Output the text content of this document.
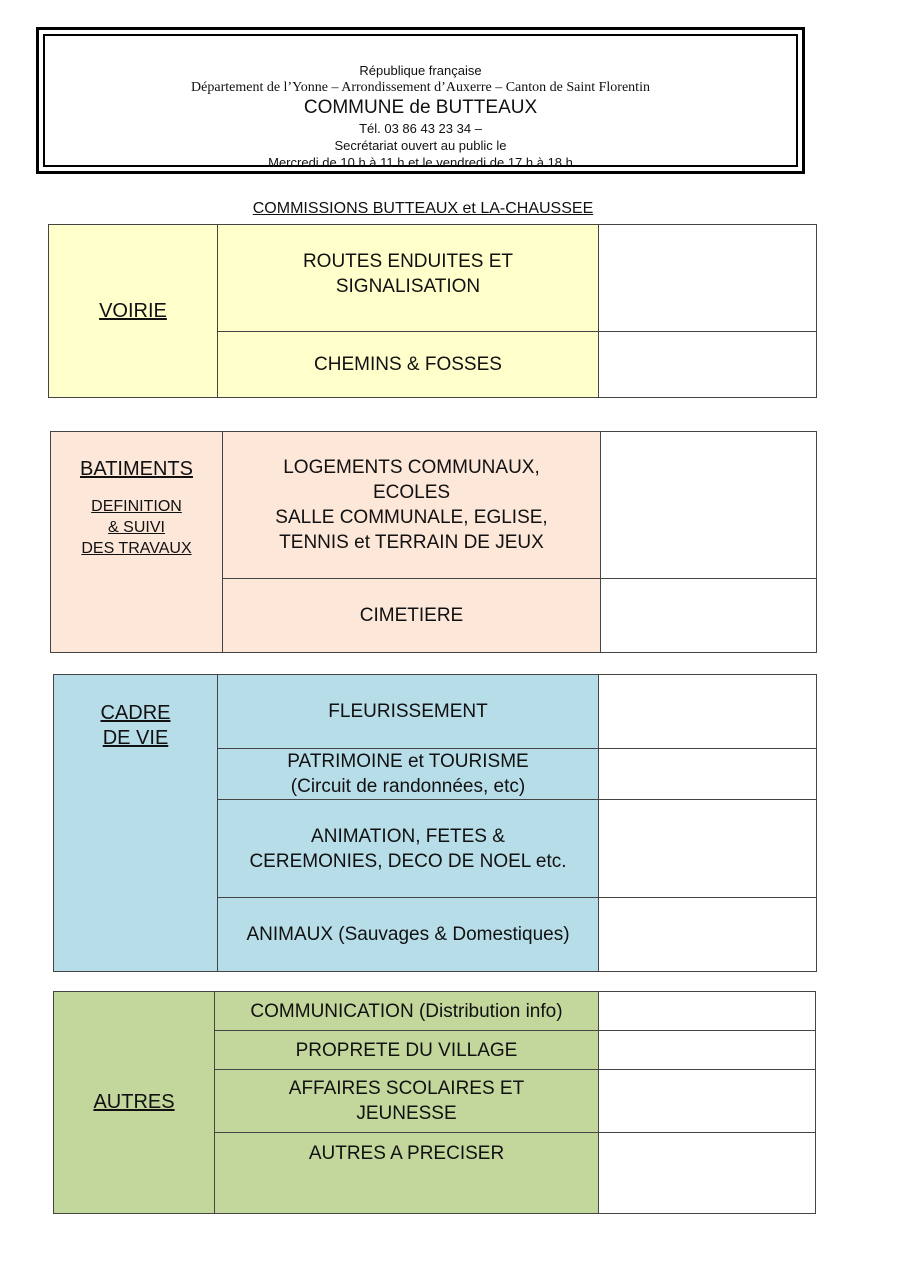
République française
Département de l’Yonne – Arrondissement d’Auxerre – Canton de Saint Florentin
COMMUNE de BUTTEAUX
Tél. 03 86 43 23 34 –
Secrétariat ouvert au public le
Mercredi de 10 h à 11 h et le vendredi de 17 h à 18 h
COMMISSIONS BUTTEAUX et LA-CHAUSSEE
VOIRIE	ROUTES ENDUITES ET
SIGNALISATION	
	CHEMINS & FOSSES	
BATIMENTS
DEFINITION
& SUIVI
DES TRAVAUX	LOGEMENTS COMMUNAUX,
ECOLES
SALLE COMMUNALE, EGLISE,
TENNIS et TERRAIN DE JEUX	
	CIMETIERE	
CADRE
DE VIE	FLEURISSEMENT	
	PATRIMOINE et TOURISME
(Circuit de randonnées, etc)	
	ANIMATION, FETES &
CEREMONIES, DECO DE NOEL etc.	
	ANIMAUX (Sauvages & Domestiques)	
AUTRES	COMMUNICATION (Distribution info)	
	PROPRETE DU VILLAGE	
	AFFAIRES SCOLAIRES ET
JEUNESSE	
	AUTRES A PRECISER	
